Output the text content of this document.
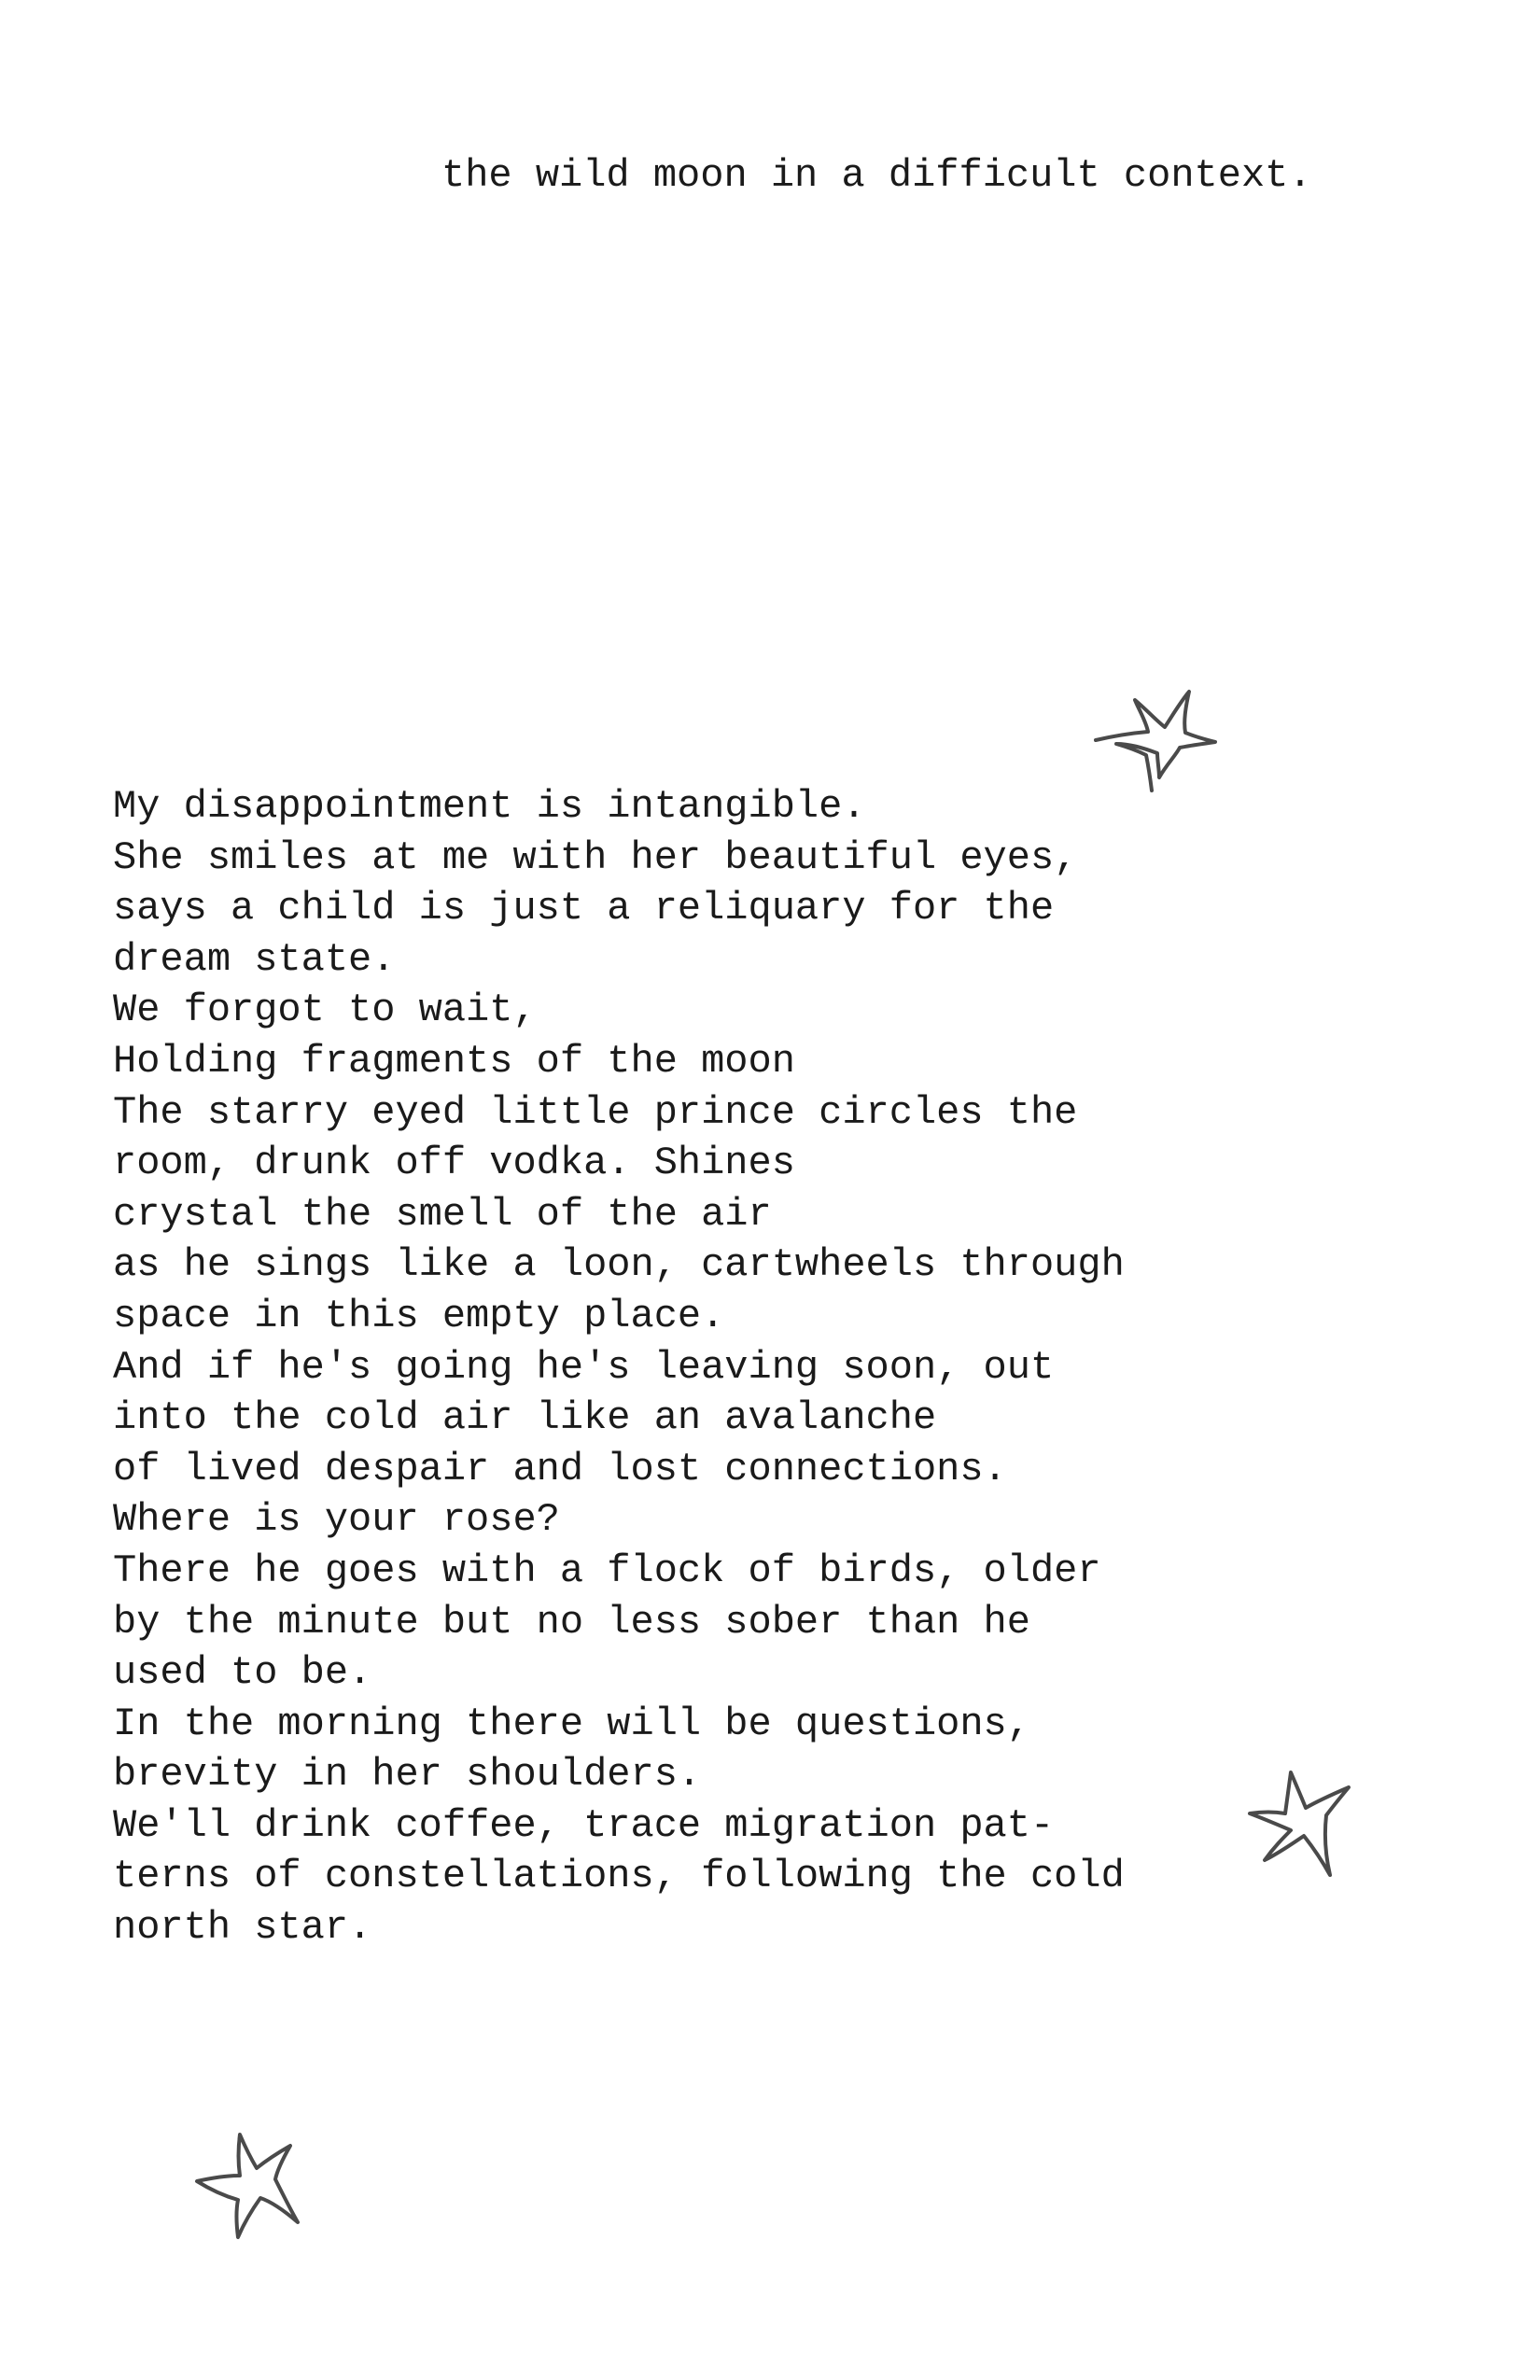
the wild moon in a difficult context.
My disappointment is intangible.
She smiles at me with her beautiful eyes,
says a child is just a reliquary for the
dream state.
We forgot to wait,
Holding fragments of the moon
The starry eyed little prince circles the
room, drunk off vodka. Shines
crystal the smell of the air
as he sings like a loon, cartwheels through
space in this empty place.
And if he's going he's leaving soon, out
into the cold air like an avalanche
of lived despair and lost connections.
Where is your rose?
There he goes with a flock of birds, older
by the minute but no less sober than he
used to be.
In the morning there will be questions,
brevity in her shoulders.
We'll drink coffee, trace migration pat-
terns of constellations, following the cold
north star.
